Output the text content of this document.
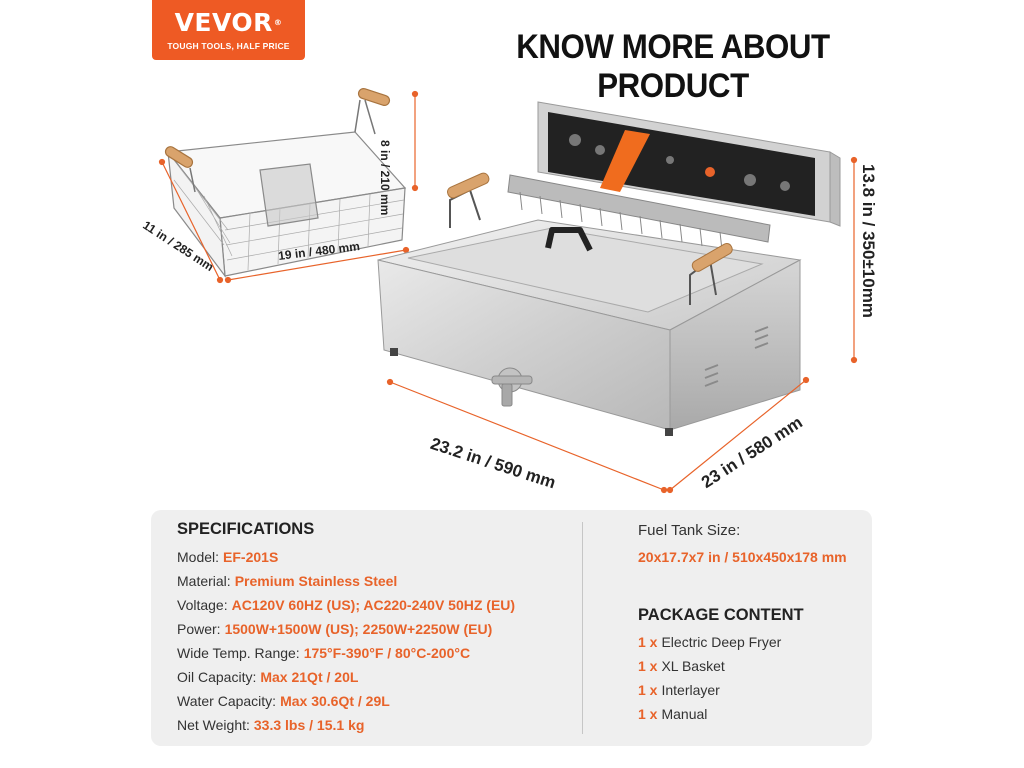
VEVOR®
TOUGH TOOLS, HALF PRICE	KNOW MORE ABOUT PRODUCT
8 in / 210 mm
19 in / 480 mm
11 in / 285 mm	13.8 in / 350±10mm
23.2 in / 590 mm	23 in / 580 mm
SPECIFICATIONS
Model: EF-201S
Material: Premium Stainless Steel
Voltage: AC120V 60HZ (US); AC220-240V 50HZ (EU)
Power: 1500W+1500W (US); 2250W+2250W (EU)
Wide Temp. Range: 175°F-390°F / 80°C-200°C
Oil Capacity: Max 21Qt / 20L
Water Capacity: Max 30.6Qt / 29L
Net Weight: 33.3 lbs / 15.1 kg
Fuel Tank Size:
20x17.7x7 in / 510x450x178 mm
PACKAGE CONTENT
1 x Electric Deep Fryer
1 x XL Basket
1 x Interlayer
1 x Manual
